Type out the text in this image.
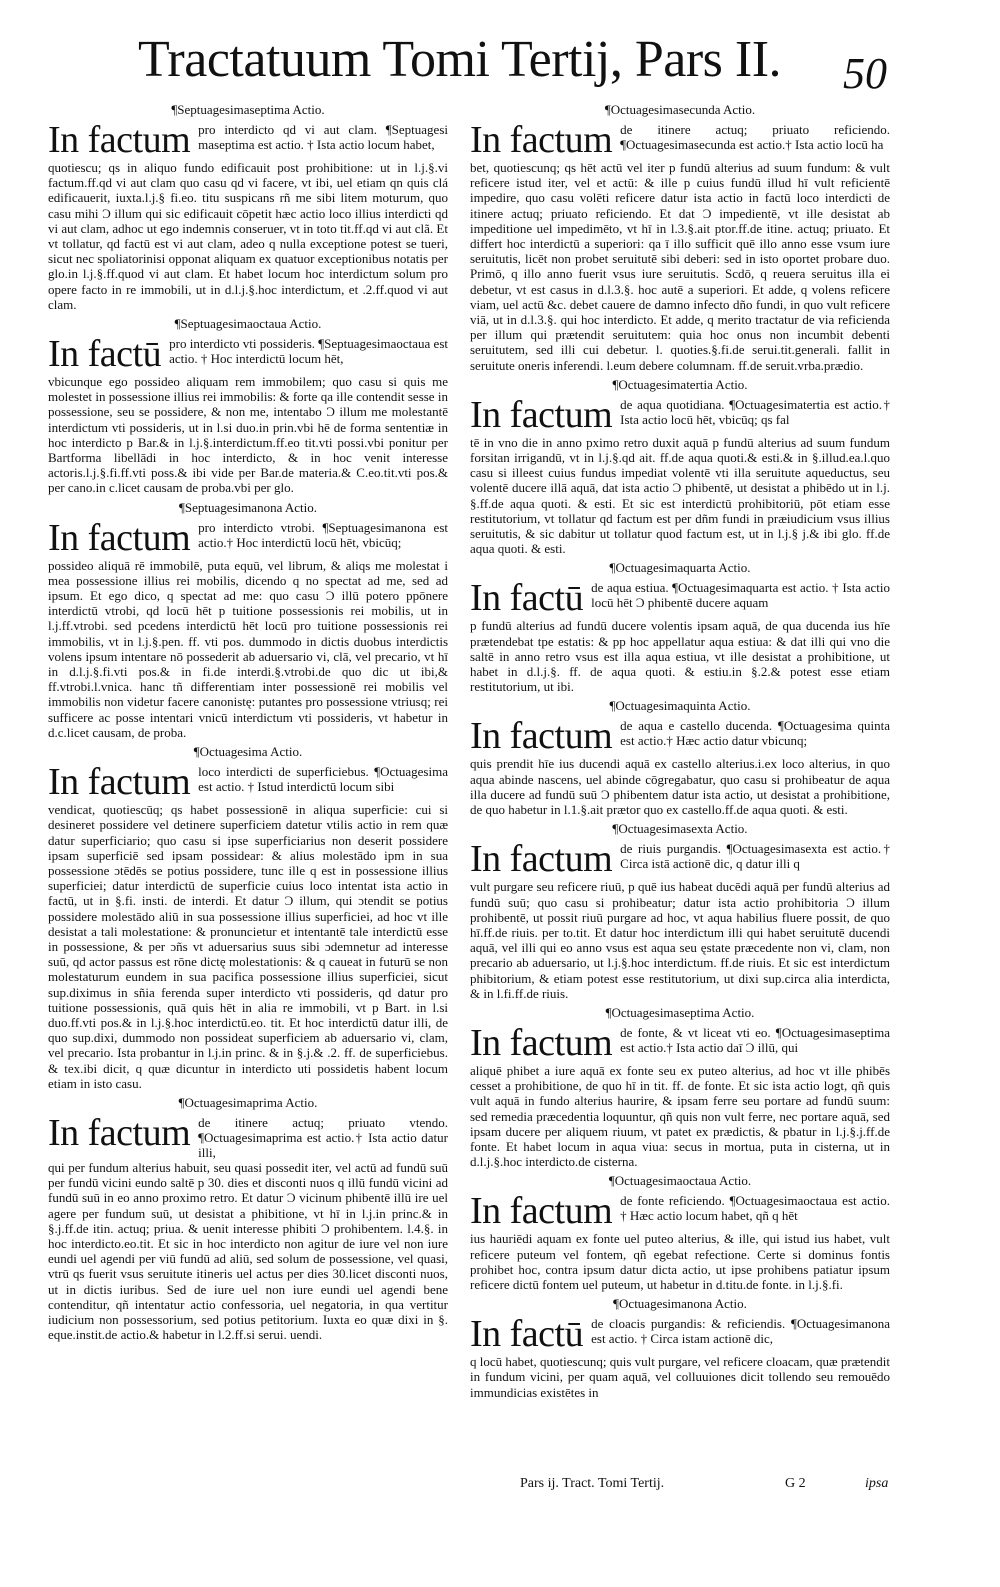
Tractatuum Tomi Tertij, Pars II. 50
¶Septuagesimaseptima Actio.
In factum pro interdicto qd vi aut clam. ¶Septuagesi maseptima est actio. † Ista actio locum habet,
quotiescu; qs in aliquo fundo edificauit post prohibitione: ut in l.j.§.vi factum.ff.qd vi aut clam quo casu qd vi facere, vt ibi, uel etiam qn quis clá edificauerit, iuxta.l.j.§ fi.eo. titu suspicans rñ me sibi litem moturum, quo casu mihi Ɔ illum qui sic edificauit cōpetit hæc actio loco illius interdicti qd vi aut clam, adhoc ut ego indemnis conseruer, vt in toto tit.ff.qd vi aut clã. Et vt tollatur, qd factū est vi aut clam, adeo q nulla exceptione potest se tueri, sicut nec spoliatorinisi opponat aliquam ex quatuor exceptionibus notatis per glo.in l.j.§.ff.quod vi aut clam. Et habet locum hoc interdictum solum pro opere facto in re immobili, ut in d.l.j.§.hoc interdictum, et .2.ff.quod vi aut clam.
¶Septuagesimaoctaua Actio.
In factū pro interdicto vti possideris. ¶Septuagesimaoctaua est actio. † Hoc interdictū locum hēt,
vbicunque ego possideo aliquam rem immobilem; quo casu si quis me molestet in possessione illius rei immobilis: & forte qa ille contendit sesse in possessione, seu se possidere, & non me, intentabo Ɔ illum me molestantē interdictum vti possideris, ut in l.si duo.in prin.vbi hē de forma sententiæ in hoc interdicto p Bar.& in l.j.§.interdictum.ff.eo tit.vti possi.vbi ponitur per Bartforma libellādi in hoc interdicto, & in hoc venit interesse actoris.l.j.§.fi.ff.vti poss.& ibi vide per Bar.de materia.& C.eo.tit.vti pos.& per cano.in c.licet causam de proba.vbi per glo.
¶Septuagesimanona Actio.
In factum pro interdicto vtrobi. ¶Septuagesimanona est actio.† Hoc interdictū locū hēt, vbicūq;
possideo aliquā rē immobilē, puta equū, vel librum, & aliqs me molestat i mea possessione illius rei mobilis, dicendo q no spectat ad me, sed ad ipsum. Et ego dico, q spectat ad me: quo casu Ɔ illū potero ppōnere interdictū vtrobi, qd locū hēt p tuitione possessionis rei mobilis, ut in l.j.ff.vtrobi. sed pcedens interdictū hēt locū pro tuitione possessionis rei immobilis, vt in l.j.§.pen. ff. vti pos. dummodo in dictis duobus interdictis volens ipsum intentare nō possederit ab aduersario vi, clā, vel precario, vt hī in d.l.j.§.fi.vti pos.& in fi.de interdi.§.vtrobi.de quo dic ut ibi,& ff.vtrobi.l.vnica. hanc tñ differentiam inter possessionē rei mobilis vel immobilis non videtur facere canonistę: putantes pro possessione vtriusq; rei sufficere ac posse intentari vnicū interdictum vti possideris, vt habetur in d.c.licet causam, de proba.
¶Octuagesima Actio.
In factum loco interdicti de superficiebus. ¶Octuagesima est actio. † Istud interdictū locum sibi
vendicat, quotiescūq; qs habet possessionē in aliqua superficie: cui si desineret possidere vel detinere superficiem datetur vtilis actio in rem quæ datur superficiario; quo casu si ipse superficiarius non deserit possidere ipsam superficiē sed ipsam possidear: & alius molestādo ipm in sua possessione ɔtēdēs se potius possidere, tunc ille q est in possessione illius superficiei; datur interdictū de superficie cuius loco intentat ista actio in factū, ut in §.fi. insti. de interdi. Et datur Ɔ illum, qui ɔtendit se potius possidere molestādo aliū in sua possessione illius superficiei, ad hoc vt ille desistat a tali molestatione: & pronuncietur et intentantē tale interdictū esse in possessione, & per ɔñs vt aduersarius suus sibi ɔdemnetur ad interesse suū, qd actor passus est rōne dictę molestationis: & q caueat in futurū se non molestaturum eundem in sua pacifica possessione illius superficiei, sicut sup.diximus in sñia ferenda super interdicto vti possideris, qd datur pro tuitione possessionis, quā quis hēt in alia re immobili, vt p Bart. in l.si duo.ff.vti pos.& in l.j.§.hoc interdictū.eo. tit. Et hoc interdictū datur illi, de quo sup.dixi, dummodo non possideat superficiem ab aduersario vi, clam, vel precario. Ista probantur in l.j.in princ. & in §.j.& .2. ff. de superficiebus. & tex.ibi dicit, q quæ dicuntur in interdicto uti possidetis habent locum etiam in isto casu.
¶Octuagesimaprima Actio.
In factum de itinere actuq; priuato vtendo. ¶Octuagesimaprima est actio.† Ista actio datur illi,
qui per fundum alterius habuit, seu quasi possedit iter, vel actū ad fundū suū per fundū vicini eundo saltē p 30. dies et disconti nuos q illū fundū vicini ad fundū suū in eo anno proximo retro. Et datur Ɔ vicinum phibentē illū ire uel agere per fundum suū, ut desistat a phibitione, vt hī in l.j.in princ.& in §.j.ff.de itin. actuq; priua. & uenit interesse phibiti Ɔ prohibentem. l.4.§. in hoc interdicto.eo.tit. Et sic in hoc interdicto non agitur de iure vel non iure eundi uel agendi per viū fundū ad aliū, sed solum de possessione, vel quasi, vtrū qs fuerit vsus seruitute itineris uel actus per dies 30.licet disconti nuos, ut in dictis iuribus. Sed de iure uel non iure eundi uel agendi bene contenditur, qñ intentatur actio confessoria, uel negatoria, in qua vertitur iudicium non possessorium, sed potius petitorium. Iuxta eo quæ dixi in §. eque.instit.de actio.& habetur in l.2.ff.si serui. uendi.
¶Octuagesimasecunda Actio.
In factum de itinere actuq; priuato reficiendo. ¶Octuagesimasecunda est actio.† Ista actio locū ha
bet, quotiescunq; qs hēt actū vel iter p fundū alterius ad suum fundum: & vult reficere istud iter, vel et actū: & ille p cuius fundū illud hī vult reficientē impedire, quo casu volēti reficere datur ista actio in factū loco interdicti de itinere actuq; priuato reficiendo. Et dat Ɔ impedientē, vt ille desistat ab impeditione uel impedimēto, vt hī in l.3.§.ait ptor.ff.de itine. actuq; priuato. Et differt hoc interdictū a superiori: qa ī illo sufficit quē illo anno esse vsum iure seruitutis, licēt non probet seruitutē sibi deberi: sed in isto oportet probare duo. Primō, q illo anno fuerit vsus iure seruitutis. Scdō, q reuera seruitus illa ei debetur, vt est casus in d.l.3.§. hoc autē a superiori. Et adde, q volens reficere viam, uel actū &c. debet cauere de damno infecto dño fundi, in quo vult reficere viā, ut in d.l.3.§. qui hoc interdicto. Et adde, q merito tractatur de via reficienda per illum qui prætendit seruitutem: quia hoc onus non incumbit debenti seruitutem, sed illi cui debetur. l. quoties.§.fi.de serui.tit.generali. fallit in seruitute oneris inferendi. l.eum debere columnam. ff.de seruit.vrba.prædio.
¶Octuagesimatertia Actio.
In factum de aqua quotidiana. ¶Octuagesimatertia est actio.† Ista actio locū hēt, vbicūq; qs fal
tē in vno die in anno pximo retro duxit aquā p fundū alterius ad suum fundum forsitan irrigandū, vt in l.j.§.qd ait. ff.de aqua quoti.& esti.& in §.illud.ea.l.quo casu si illeest cuius fundus impediat volentē vti illa seruitute aqueductus, seu volentē ducere illā aquā, dat ista actio Ɔ phibentē, ut desistat a phibēdo ut in l.j. §.ff.de aqua quoti. & esti. Et sic est interdictū prohibitoriū, pōt etiam esse restitutorium, vt tollatur qd factum est per dñm fundi in præiudicium vsus illius seruitutis, & sic dabitur ut tollatur quod factum est, ut in l.j.§ j.& ibi glo. ff.de aqua quoti. & esti.
¶Octuagesimaquarta Actio.
In factū de aqua estiua. ¶Octuagesimaquarta est actio. † Ista actio locū hēt Ɔ phibentē ducere aquam
p fundū alterius ad fundū ducere volentis ipsam aquā, de qua ducenda ius hīe prætendebat tpe estatis: & pp hoc appellatur aqua estiua: & dat illi qui vno die saltē in anno retro vsus est illa aqua estiua, vt ille desistat a prohibitione, ut habet in d.l.j.§. ff. de aqua quoti. & estiu.in §.2.& potest esse etiam restitutorium, ut ibi.
¶Octuagesimaquinta Actio.
In factum de aqua e castello ducenda. ¶Octuagesima quinta est actio.† Hæc actio datur vbicunq;
quis prendit hīe ius ducendi aquā ex castello alterius.i.ex loco alterius, in quo aqua abinde nascens, uel abinde cōgregabatur, quo casu si prohibeatur de aqua illa ducere ad fundū suū Ɔ phibentem datur ista actio, ut desistat a prohibitione, de quo habetur in l.1.§.ait prætor quo ex castello.ff.de aqua quoti. & esti.
¶Octuagesimasexta Actio.
In factum de riuis purgandis. ¶Octuagesimasexta est actio.† Circa istā actionē dic, q datur illi q
vult purgare seu reficere riuū, p quē ius habeat ducēdi aquā per fundū alterius ad fundū suū; quo casu si prohibeatur; datur ista actio prohibitoria Ɔ illum prohibentē, ut possit riuū purgare ad hoc, vt aqua habilius fluere possit, de quo hī.ff.de riuis. per to.tit. Et datur hoc interdictum illi qui habet seruitutē ducendi aquā, vel illi qui eo anno vsus est aqua seu ęstate præcedente non vi, clam, non precario ab aduersario, ut l.j.§.hoc interdictum. ff.de riuis. Et sic est interdictum phibitorium, & etiam potest esse restitutorium, ut dixi sup.circa alia interdicta, & in l.fi.ff.de riuis.
¶Octuagesimaseptima Actio.
In factum de fonte, & vt liceat vti eo. ¶Octuagesimaseptima est actio.† Ista actio daī Ɔ illū, qui
aliquē phibet a iure aquā ex fonte seu ex puteo alterius, ad hoc vt ille phibēs cesset a prohibitione, de quo hī in tit. ff. de fonte. Et sic ista actio logt, qñ quis vult aquā in fundo alterius haurire, & ipsam ferre seu portare ad fundū suum: sed remedia præcedentia loquuntur, qñ quis non vult ferre, nec portare aquā, sed ipsam ducere per aliquem riuum, vt patet ex prædictis, & pbatur in l.j.§.j.ff.de fonte. Et habet locum in aqua viua: secus in mortua, puta in cisterna, ut in d.l.j.§.hoc interdicto.de cisterna.
¶Octuagesimaoctaua Actio.
In factum de fonte reficiendo. ¶Octuagesimaoctaua est actio. † Hæc actio locum habet, qñ q hēt
ius hauriēdi aquam ex fonte uel puteo alterius, & ille, qui istud ius habet, vult reficere puteum vel fontem, qñ egebat refectione. Certe si dominus fontis prohibet hoc, contra ipsum datur dicta actio, ut ipse prohibens patiatur ipsum reficere dictū fontem uel puteum, ut habetur in d.titu.de fonte. in l.j.§.fi.
¶Octuagesimanona Actio.
In factū de cloacis purgandis: & reficiendis. ¶Octuagesimanona est actio. † Circa istam actionē dic,
q locū habet, quotiescunq; quis vult purgare, vel reficere cloacam, quæ prætendit in fundum vicini, per quam aquā, vel colluuiones dicit tollendo seu remouēdo immundicias existētes in
Pars ij. Tract. Tomi Tertij.	G 2	ipsa
